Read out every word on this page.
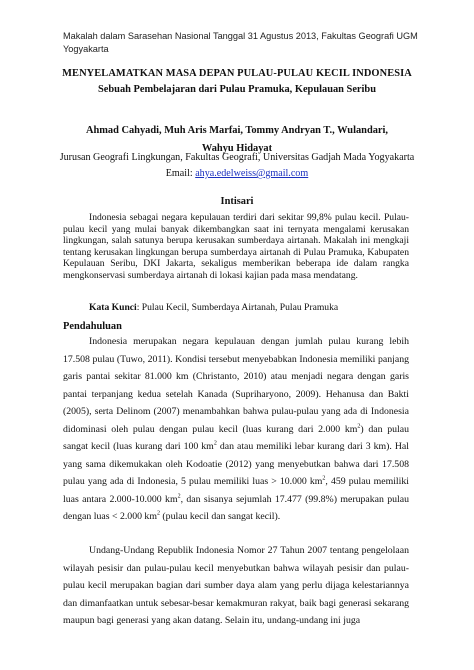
Makalah dalam Sarasehan Nasional Tanggal 31 Agustus 2013, Fakultas Geografi UGM Yogyakarta
MENYELAMATKAN MASA DEPAN PULAU-PULAU KECIL INDONESIA
Sebuah Pembelajaran dari Pulau Pramuka, Kepulauan Seribu
Ahmad Cahyadi, Muh Aris Marfai, Tommy Andryan T., Wulandari,
Wahyu Hidayat
Jurusan Geografi Lingkungan, Fakultas Geografi, Universitas Gadjah Mada Yogyakarta
Email: ahya.edelweiss@gmail.com
Intisari

Indonesia sebagai negara kepulauan terdiri dari sekitar 99,8% pulau kecil. Pulau-pulau kecil yang mulai banyak dikembangkan saat ini ternyata mengalami kerusakan lingkungan, salah satunya berupa kerusakan sumberdaya airtanah. Makalah ini mengkaji tentang kerusakan lingkungan berupa sumberdaya airtanah di Pulau Pramuka, Kabupaten Kepulauan Seribu, DKI Jakarta, sekaligus memberikan beberapa ide dalam rangka mengkonservasi sumberdaya airtanah di lokasi kajian pada masa mendatang.

Kata Kunci: Pulau Kecil, Sumberdaya Airtanah, Pulau Pramuka

Pendahuluan

Indonesia merupakan negara kepulauan dengan jumlah pulau kurang lebih 17.508 pulau (Tuwo, 2011). Kondisi tersebut menyebabkan Indonesia memiliki panjang garis pantai sekitar 81.000 km (Christanto, 2010) atau menjadi negara dengan garis pantai terpanjang kedua setelah Kanada (Supriharyono, 2009). Hehanusa dan Bakti (2005), serta Delinom (2007) menambahkan bahwa pulau-pulau yang ada di Indonesia didominasi oleh pulau dengan pulau kecil (luas kurang dari 2.000 $km^2$) dan pulau sangat kecil (luas kurang dari 100 $km^2$ dan atau memiliki lebar kurang dari 3 km). Hal yang sama dikemukakan oleh Kodoatie (2012) yang menyebutkan bahwa dari 17.508 pulau yang ada di Indonesia, 5 pulau memiliki luas > 10.000 $km^2$, 459 pulau memiliki luas antara 2.000-10.000 $km^2$, dan sisanya sejumlah 17.477 (99.8%) merupakan pulau dengan luas < 2.000 $km^2$ (pulau kecil dan sangat kecil).

Undang-Undang Republik Indonesia Nomor 27 Tahun 2007 tentang pengelolaan wilayah pesisir dan pulau-pulau kecil menyebutkan bahwa wilayah pesisir dan pulau-pulau kecil merupakan bagian dari sumber daya alam yang perlu dijaga kelestariannya dan dimanfaatkan untuk sebesar-besar kemakmuran rakyat, baik bagi generasi sekarang maupun bagi generasi yang akan datang. Selain itu, undang-undang ini juga
